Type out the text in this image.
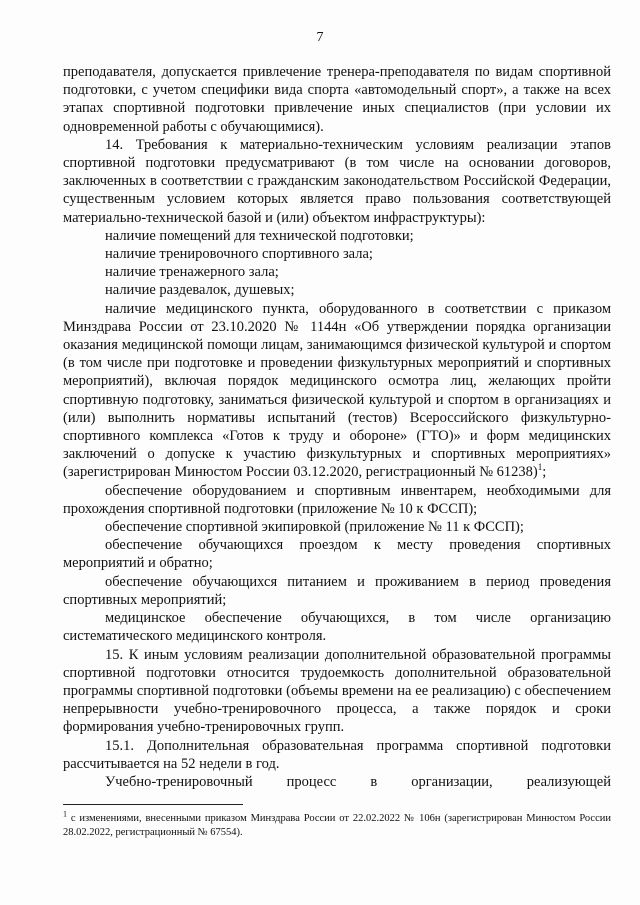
7

преподавателя, допускается привлечение тренера-преподавателя по видам спортивной подготовки, с учетом специфики вида спорта «автомодельный спорт», а также на всех этапах спортивной подготовки привлечение иных специалистов (при условии их одновременной работы с обучающимися).

14. Требования к материально-техническим условиям реализации этапов спортивной подготовки предусматривают (в том числе на основании договоров, заключенных в соответствии с гражданским законодательством Российской Федерации, существенным условием которых является право пользования соответствующей материально-технической базой и (или) объектом инфраструктуры):

наличие помещений для технической подготовки;

наличие тренировочного спортивного зала;

наличие тренажерного зала;

наличие раздевалок, душевых;

наличие медицинского пункта, оборудованного в соответствии с приказом Минздрава России от 23.10.2020 № 1144н «Об утверждении порядка организации оказания медицинской помощи лицам, занимающимся физической культурой и спортом (в том числе при подготовке и проведении физкультурных мероприятий и спортивных мероприятий), включая порядок медицинского осмотра лиц, желающих пройти спортивную подготовку, заниматься физической культурой и спортом в организациях и (или) выполнить нормативы испытаний (тестов) Всероссийского физкультурно-спортивного комплекса «Готов к труду и обороне» (ГТО)» и форм медицинских заключений о допуске к участию физкультурных и спортивных мероприятиях» (зарегистрирован Минюстом России 03.12.2020, регистрационный № 61238)$^1$;

обеспечение оборудованием и спортивным инвентарем, необходимыми для прохождения спортивной подготовки (приложение № 10 к ФССП);

обеспечение спортивной экипировкой (приложение № 11 к ФССП);

обеспечение обучающихся проездом к месту проведения спортивных мероприятий и обратно;

обеспечение обучающихся питанием и проживанием в период проведения спортивных мероприятий;

медицинское обеспечение обучающихся, в том числе организацию систематического медицинского контроля.

15. К иным условиям реализации дополнительной образовательной программы спортивной подготовки относится трудоемкость дополнительной образовательной программы спортивной подготовки (объемы времени на ее реализацию) с обеспечением непрерывности учебно-тренировочного процесса, а также порядок и сроки формирования учебно-тренировочных групп.

15.1. Дополнительная образовательная программа спортивной подготовки рассчитывается на 52 недели в год.

Учебно-тренировочный процесс в организации, реализующей

$^1$ с изменениями, внесенными приказом Минздрава России от 22.02.2022 № 106н (зарегистрирован Минюстом России 28.02.2022, регистрационный № 67554).
